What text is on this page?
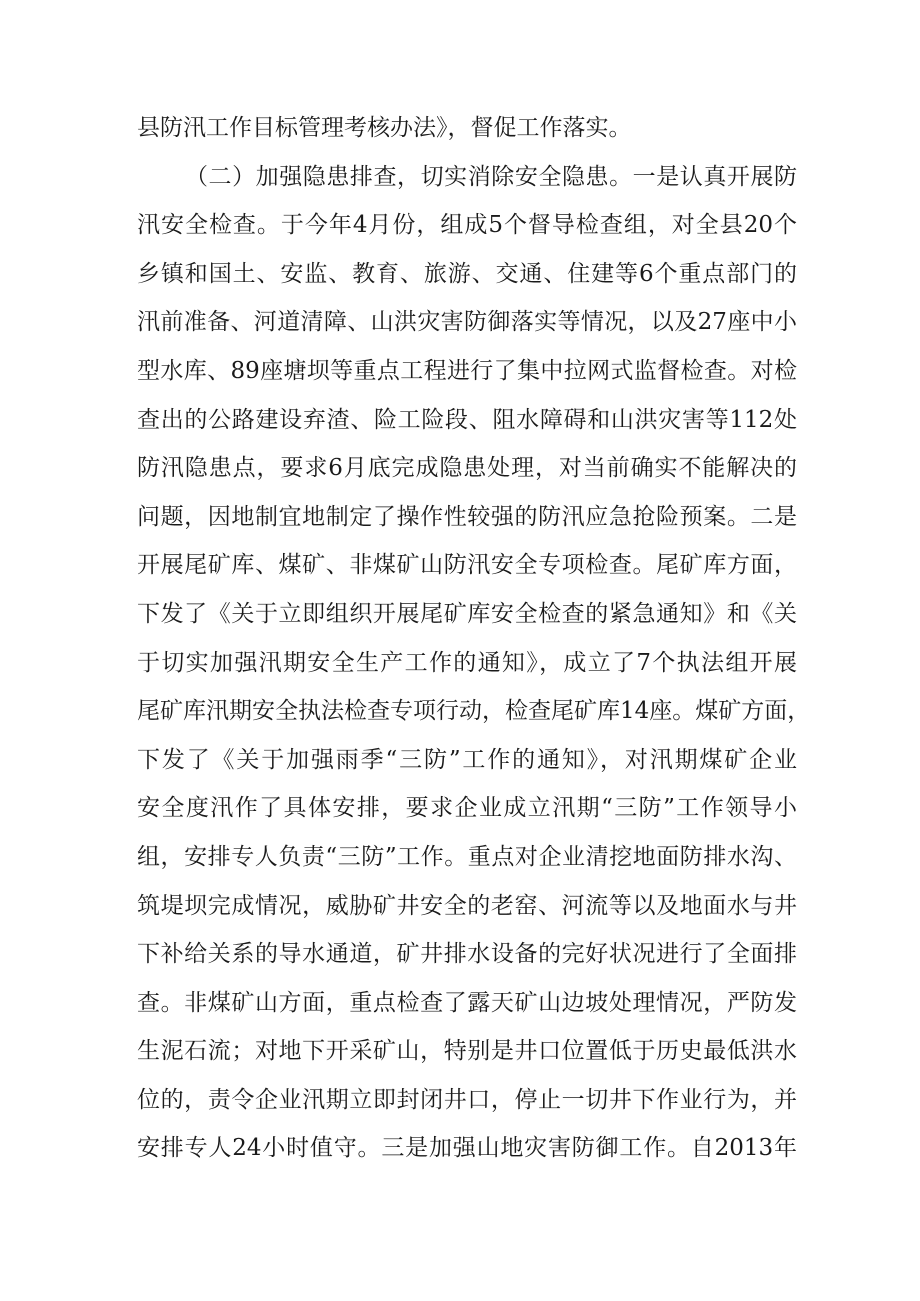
县防汛工作目标管理考核办法》，督促工作落实。
（二）加强隐患排查，切实消除安全隐患。一是认真开展防
汛安全检查。于今年4月份，组成5个督导检查组，对全县20个
乡镇和国土、安监、教育、旅游、交通、住建等6个重点部门的
汛前准备、河道清障、山洪灾害防御落实等情况，以及27座中小
型水库、89座塘坝等重点工程进行了集中拉网式监督检查。对检
查出的公路建设弃渣、险工险段、阻水障碍和山洪灾害等112处
防汛隐患点，要求6月底完成隐患处理，对当前确实不能解决的
问题，因地制宜地制定了操作性较强的防汛应急抢险预案。二是
开展尾矿库、煤矿、非煤矿山防汛安全专项检查。尾矿库方面，
下发了《关于立即组织开展尾矿库安全检查的紧急通知》和《关
于切实加强汛期安全生产工作的通知》，成立了7个执法组开展
尾矿库汛期安全执法检查专项行动，检查尾矿库14座。煤矿方面，
下发了《关于加强雨季“三防”工作的通知》，对汛期煤矿企业
安全度汛作了具体安排，要求企业成立汛期“三防”工作领导小
组，安排专人负责“三防”工作。重点对企业清挖地面防排水沟、
筑堤坝完成情况，威胁矿井安全的老窑、河流等以及地面水与井
下补给关系的导水通道，矿井排水设备的完好状况进行了全面排
查。非煤矿山方面，重点检查了露天矿山边坡处理情况，严防发
生泥石流；对地下开采矿山，特别是井口位置低于历史最低洪水
位的，责令企业汛期立即封闭井口，停止一切井下作业行为，并
安排专人24小时值守。三是加强山地灾害防御工作。自2013年
